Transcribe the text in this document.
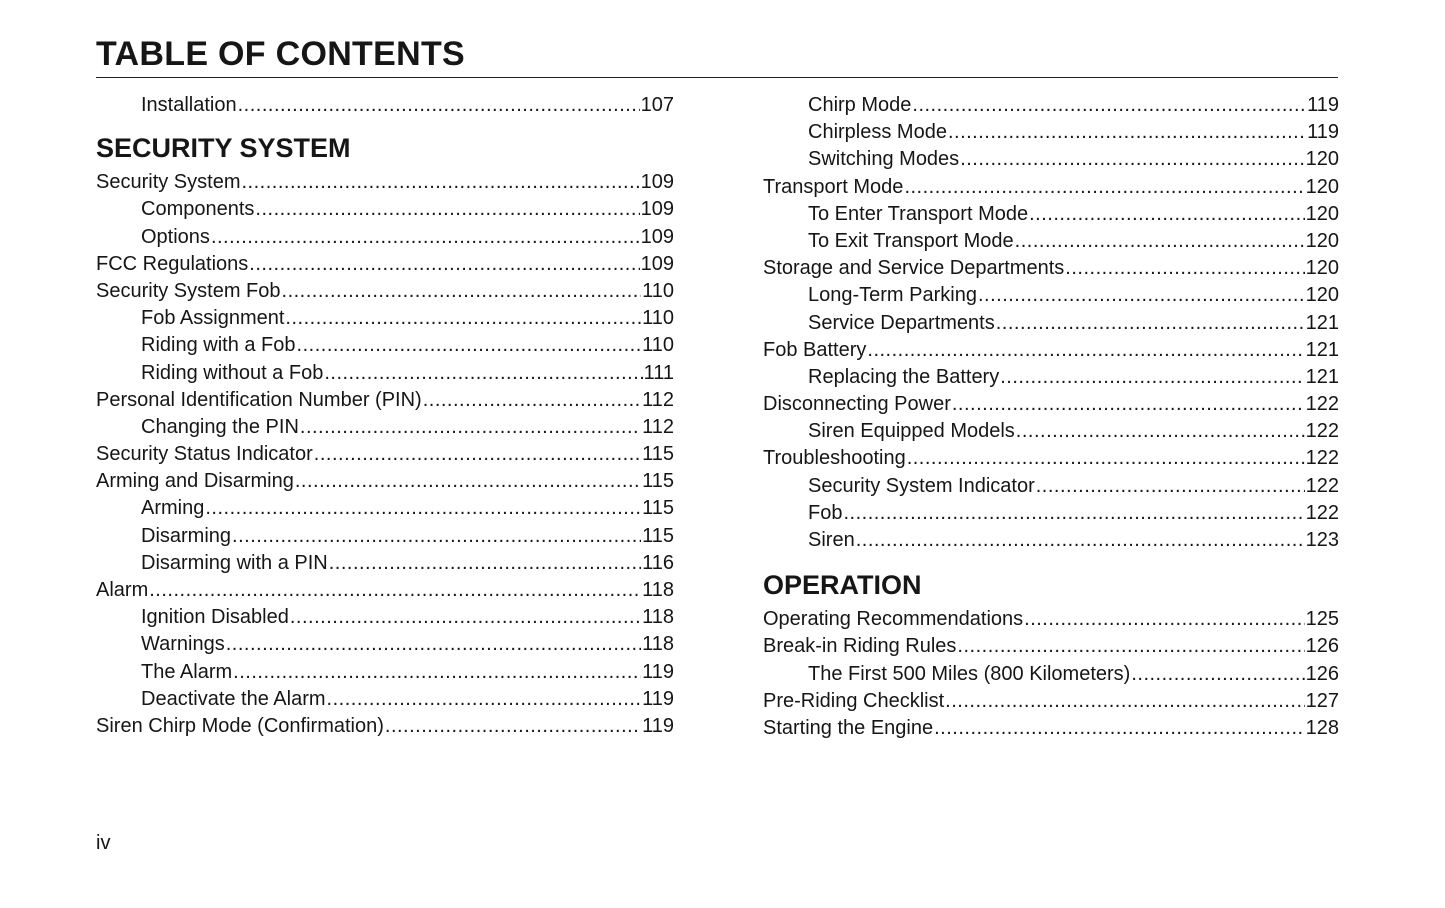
TABLE OF CONTENTS
Installation .....	107
SECURITY SYSTEM
Security System .....	109
Components .....	109
Options .....	109
FCC Regulations .....	109
Security System Fob .....	110
Fob Assignment .....	110
Riding with a Fob .....	110
Riding without a Fob .....	111
Personal Identification Number (PIN) .....	112
Changing the PIN .....	112
Security Status Indicator .....	115
Arming and Disarming .....	115
Arming .....	115
Disarming .....	115
Disarming with a PIN .....	116
Alarm .....	118
Ignition Disabled .....	118
Warnings .....	118
The Alarm .....	119
Deactivate the Alarm .....	119
Siren Chirp Mode (Confirmation) .....	119
Chirp Mode .....	119
Chirpless Mode .....	119
Switching Modes .....	120
Transport Mode .....	120
To Enter Transport Mode .....	120
To Exit Transport Mode .....	120
Storage and Service Departments .....	120
Long-Term Parking .....	120
Service Departments .....	121
Fob Battery .....	121
Replacing the Battery .....	121
Disconnecting Power .....	122
Siren Equipped Models .....	122
Troubleshooting .....	122
Security System Indicator .....	122
Fob .....	122
Siren .....	123
OPERATION
Operating Recommendations .....	125
Break-in Riding Rules .....	126
The First 500 Miles (800 Kilometers) .....	126
Pre-Riding Checklist .....	127
Starting the Engine .....	128
iv
